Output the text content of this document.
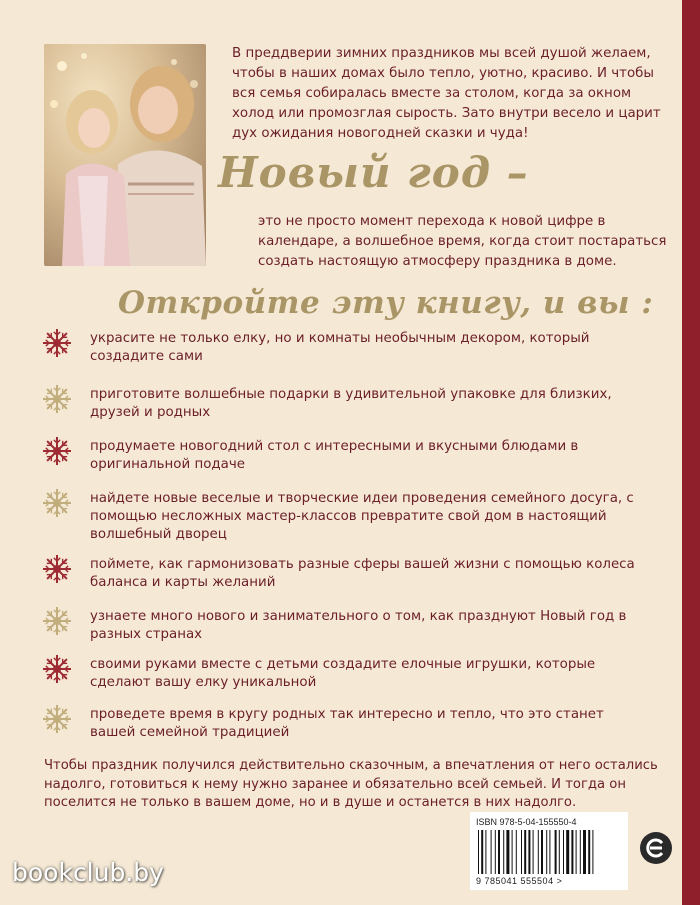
В преддверии зимних праздников мы всей душой желаем, чтобы в наших домах было тепло, уютно, красиво. И чтобы вся семья собиралась вместе за столом, когда за окном холод или промозглая сырость. Зато внутри весело и царит дух ожидания новогодней сказки и чуда!

Новый год –

это не просто момент перехода к новой цифре в календаре, а волшебное время, когда стоит постараться создать настоящую атмосферу праздника в доме.

Откройте эту книгу, и вы :
украсите не только елку, но и комнаты необычным декором, который создадите сами
приготовите волшебные подарки в удивительной упаковке для близких, друзей и родных
продумаете новогодний стол с интересными и вкусными блюдами в оригинальной подаче
найдете новые веселые и творческие идеи проведения семейного досуга, с помощью несложных мастер-классов превратите свой дом в настоящий волшебный дворец
поймете, как гармонизовать разные сферы вашей жизни с помощью колеса баланса и карты желаний
узнаете много нового и занимательного о том, как празднуют Новый год в разных странах
своими руками вместе с детьми создадите елочные игрушки, которые сделают вашу елку уникальной
проведете время в кругу родных так интересно и тепло, что это станет вашей семейной традицией

Чтобы праздник получился действительно сказочным, а впечатления от него остались надолго, готовиться к нему нужно заранее и обязательно всей семьей. И тогда он поселится не только в вашем доме, но и в душе и останется в них надолго.

ISBN 978-5-04-155550-4
9 785041 555504 >
bookclub.by
